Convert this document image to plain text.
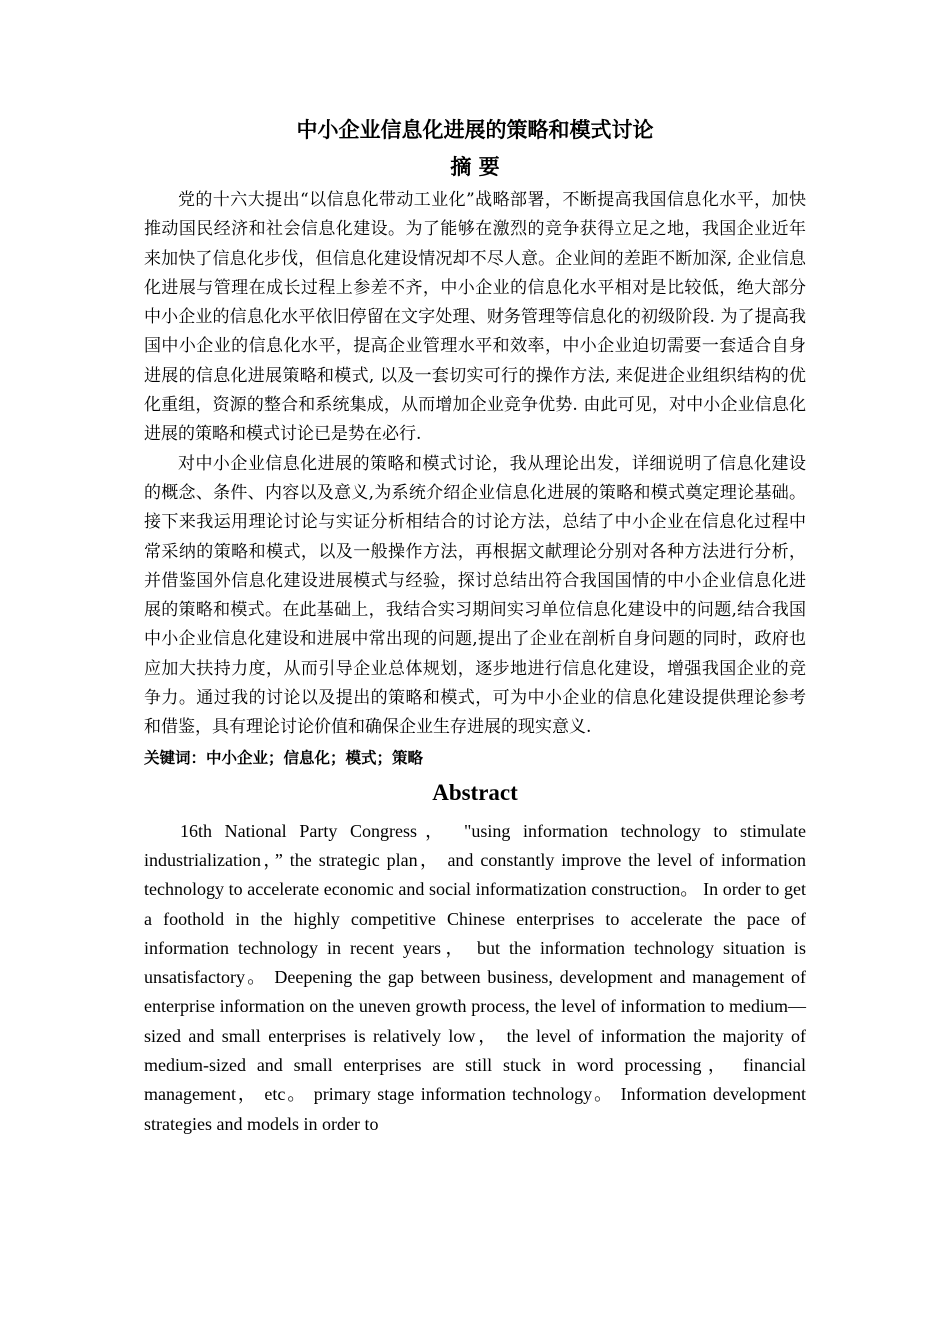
中小企业信息化进展的策略和模式讨论
摘 要

党的十六大提出“以信息化带动工业化”战略部署，不断提高我国信息化水平，加快推动国民经济和社会信息化建设。为了能够在激烈的竞争获得立足之地，我国企业近年来加快了信息化步伐，但信息化建设情况却不尽人意。企业间的差距不断加深, 企业信息化进展与管理在成长过程上参差不齐，中小企业的信息化水平相对是比较低，绝大部分中小企业的信息化水平依旧停留在文字处理、财务管理等信息化的初级阶段. 为了提高我国中小企业的信息化水平，提高企业管理水平和效率，中小企业迫切需要一套适合自身进展的信息化进展策略和模式, 以及一套切实可行的操作方法, 来促进企业组织结构的优化重组，资源的整合和系统集成，从而增加企业竞争优势. 由此可见，对中小企业信息化进展的策略和模式讨论已是势在必行.

对中小企业信息化进展的策略和模式讨论，我从理论出发，详细说明了信息化建设的概念、条件、内容以及意义,为系统介绍企业信息化进展的策略和模式奠定理论基础。接下来我运用理论讨论与实证分析相结合的讨论方法，总结了中小企业在信息化过程中常采纳的策略和模式，以及一般操作方法，再根据文献理论分别对各种方法进行分析，并借鉴国外信息化建设进展模式与经验，探讨总结出符合我国国情的中小企业信息化进展的策略和模式。在此基础上，我结合实习期间实习单位信息化建设中的问题,结合我国中小企业信息化建设和进展中常出现的问题,提出了企业在剖析自身问题的同时，政府也应加大扶持力度，从而引导企业总体规划，逐步地进行信息化建设，增强我国企业的竞争力。通过我的讨论以及提出的策略和模式，可为中小企业的信息化建设提供理论参考和借鉴，具有理论讨论价值和确保企业生存进展的现实意义.

关键词：中小企业；信息化；模式；策略

Abstract

16th National Party Congress， "using information technology to stimulate industrialization，” the strategic plan， and constantly improve the level of information technology to accelerate economic and social informatization construction。 In order to get a foothold in the highly competitive Chinese enterprises to accelerate the pace of information technology in recent years， but the information technology situation is unsatisfactory。 Deepening the gap between business, development and management of enterprise information on the uneven growth process, the level of information to medium—sized and small enterprises is relatively low， the level of information the majority of medium-sized and small enterprises are still stuck in word processing， financial management， etc。 primary stage information technology。 Information development strategies and models in order to
